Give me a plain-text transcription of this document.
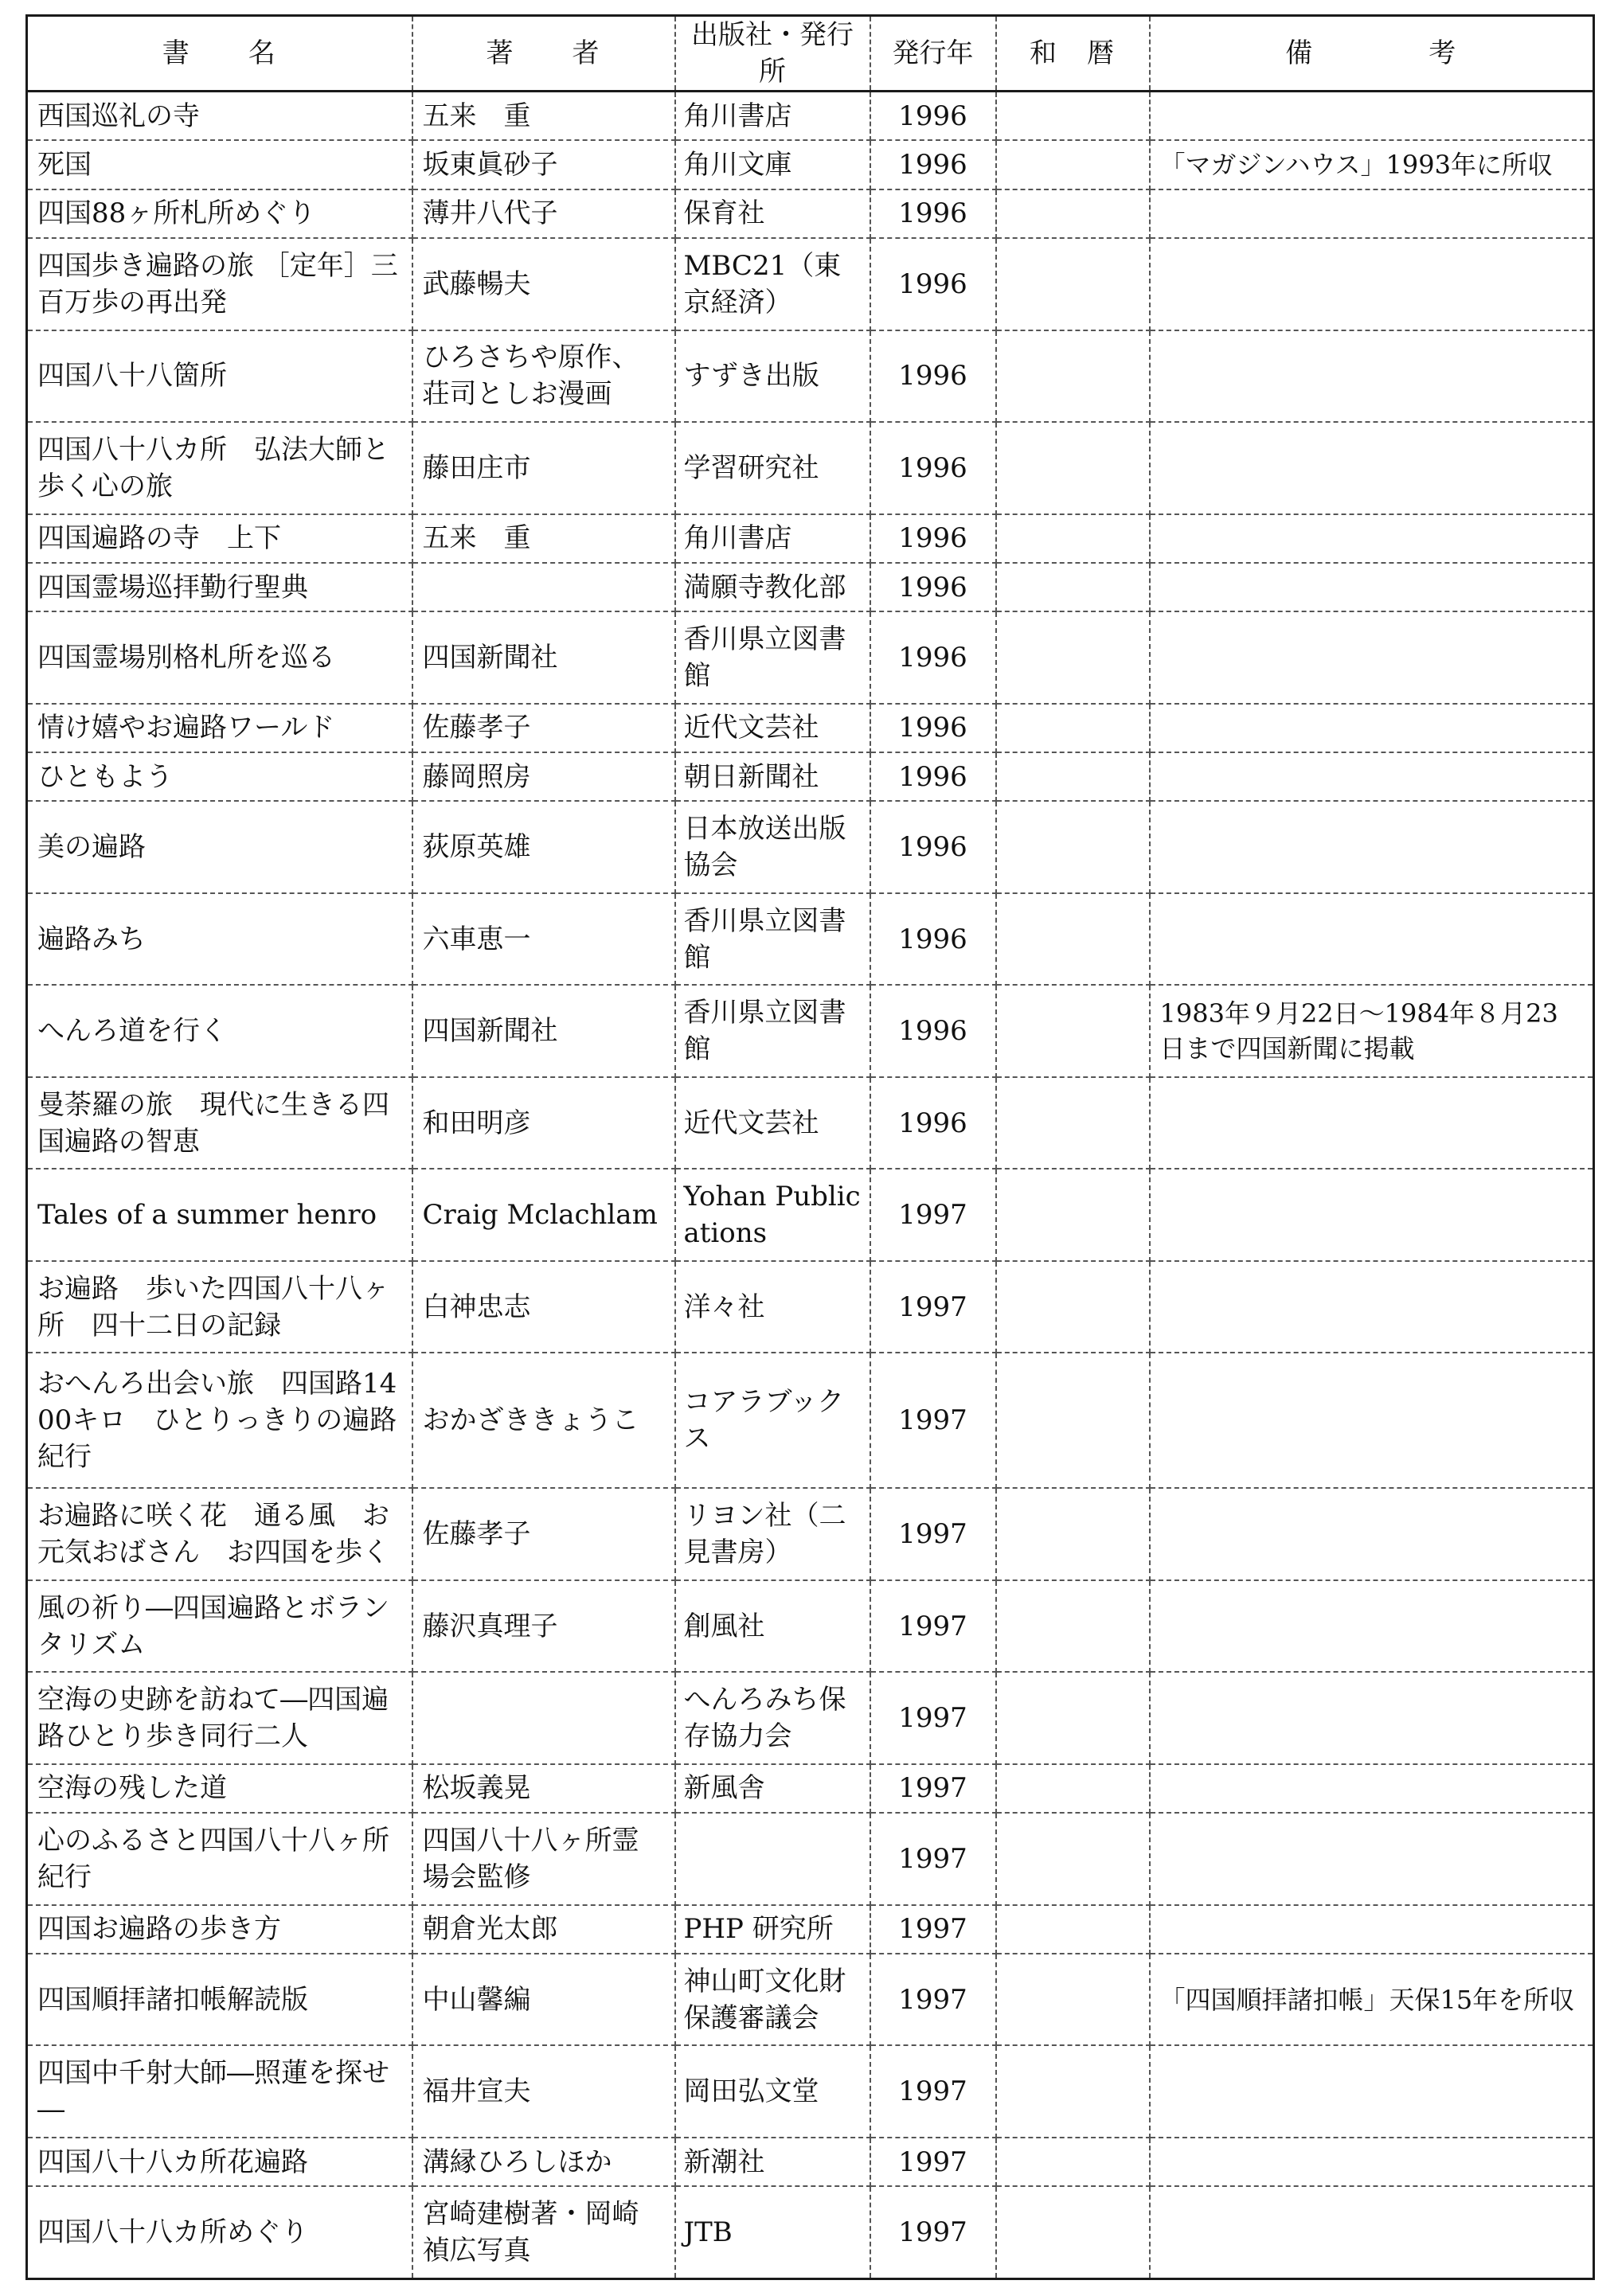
書　　名	著　　者	出版社・発行所	発行年	和　暦	備　　　　考
西国巡礼の寺	五来　重	角川書店	1996		
死国	坂東眞砂子	角川文庫	1996		「マガジンハウス」1993年に所収
四国88ヶ所札所めぐり	薄井八代子	保育社	1996		
四国歩き遍路の旅 ［定年］三百万歩の再出発	武藤暢夫	MBC21（東京経済）	1996		
四国八十八箇所	ひろさちや原作、荘司としお漫画	すずき出版	1996		
四国八十八カ所　弘法大師と歩く心の旅	藤田庄市	学習研究社	1996		
四国遍路の寺　上下	五来　重	角川書店	1996		
四国霊場巡拝勤行聖典		満願寺教化部	1996		
四国霊場別格札所を巡る	四国新聞社	香川県立図書館	1996		
情け嬉やお遍路ワールド	佐藤孝子	近代文芸社	1996		
ひともよう	藤岡照房	朝日新聞社	1996		
美の遍路	荻原英雄	日本放送出版協会	1996		
遍路みち	六車恵一	香川県立図書館	1996		
へんろ道を行く	四国新聞社	香川県立図書館	1996		1983年９月22日～1984年８月23日まで四国新聞に掲載
曼荼羅の旅　現代に生きる四国遍路の智恵	和田明彦	近代文芸社	1996		
Tales of a summer henro	Craig Mclachlam	Yohan Publications	1997		
お遍路　歩いた四国八十八ヶ所　四十二日の記録	白神忠志	洋々社	1997		
おへんろ出会い旅　四国路1400キロ　ひとりっきりの遍路紀行	おかざききょうこ	コアラブックス	1997		
お遍路に咲く花　通る風　お元気おばさん　お四国を歩く	佐藤孝子	リヨン社（二見書房）	1997		
風の祈り―四国遍路とボランタリズム	藤沢真理子	創風社	1997		
空海の史跡を訪ねて―四国遍路ひとり歩き同行二人		へんろみち保存協力会	1997		
空海の残した道	松坂義晃	新風舎	1997		
心のふるさと四国八十八ヶ所紀行	四国八十八ヶ所霊場会監修		1997		
四国お遍路の歩き方	朝倉光太郎	PHP 研究所	1997		
四国順拝諸扣帳解読版	中山馨編	神山町文化財保護審議会	1997		「四国順拝諸扣帳」天保15年を所収
四国中千射大師―照蓮を探せ―	福井宣夫	岡田弘文堂	1997		
四国八十八カ所花遍路	溝縁ひろしほか	新潮社	1997		
四国八十八カ所めぐり	宮崎建樹著・岡崎禎広写真	JTB	1997		
